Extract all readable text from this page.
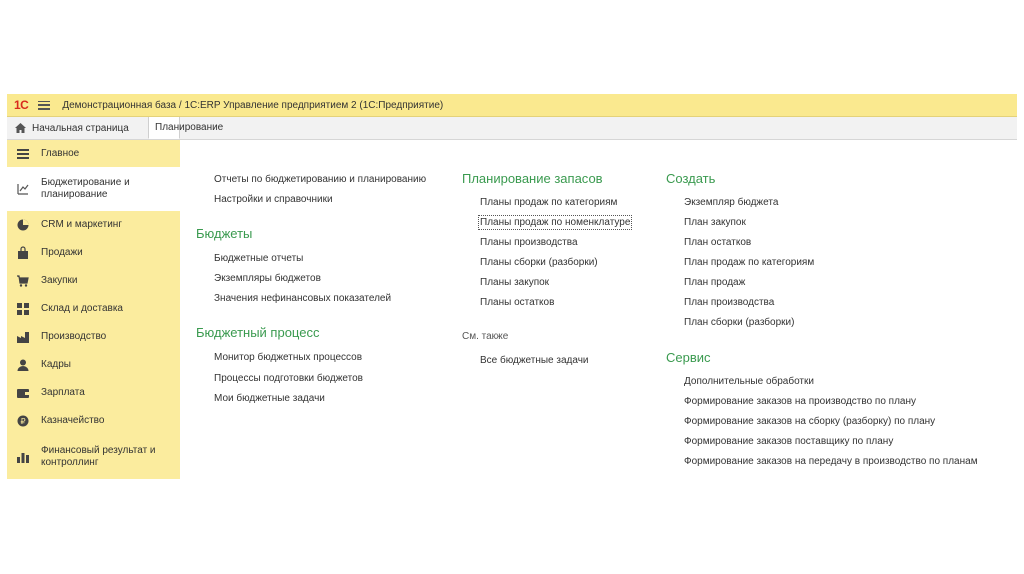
1С	Демонстрационная база / 1С:ERP Управление предприятием 2 (1С:Предприятие)
Начальная страница	Планирование
Главное
Бюджетирование и планирование
CRM и маркетинг
Продажи
Закупки
Склад и доставка
Производство
Кадры
Зарплата
₽ Казначейство
Финансовый результат и контроллинг
Отчеты по бюджетированию и планированию
Настройки и справочники
Бюджеты
Бюджетные отчеты
Экземпляры бюджетов
Значения нефинансовых показателей
Бюджетный процесс
Монитор бюджетных процессов
Процессы подготовки бюджетов
Мои бюджетные задачи
Планирование запасов
Планы продаж по категориям
Планы продаж по номенклатуре
Планы производства
Планы сборки (разборки)
Планы закупок
Планы остатков
См. также
Все бюджетные задачи
Создать
Экземпляр бюджета
План закупок
План остатков
План продаж по категориям
План продаж
План производства
План сборки (разборки)
Сервис
Дополнительные обработки
Формирование заказов на производство по плану
Формирование заказов на сборку (разборку) по плану
Формирование заказов поставщику по плану
Формирование заказов на передачу в производство по планам
